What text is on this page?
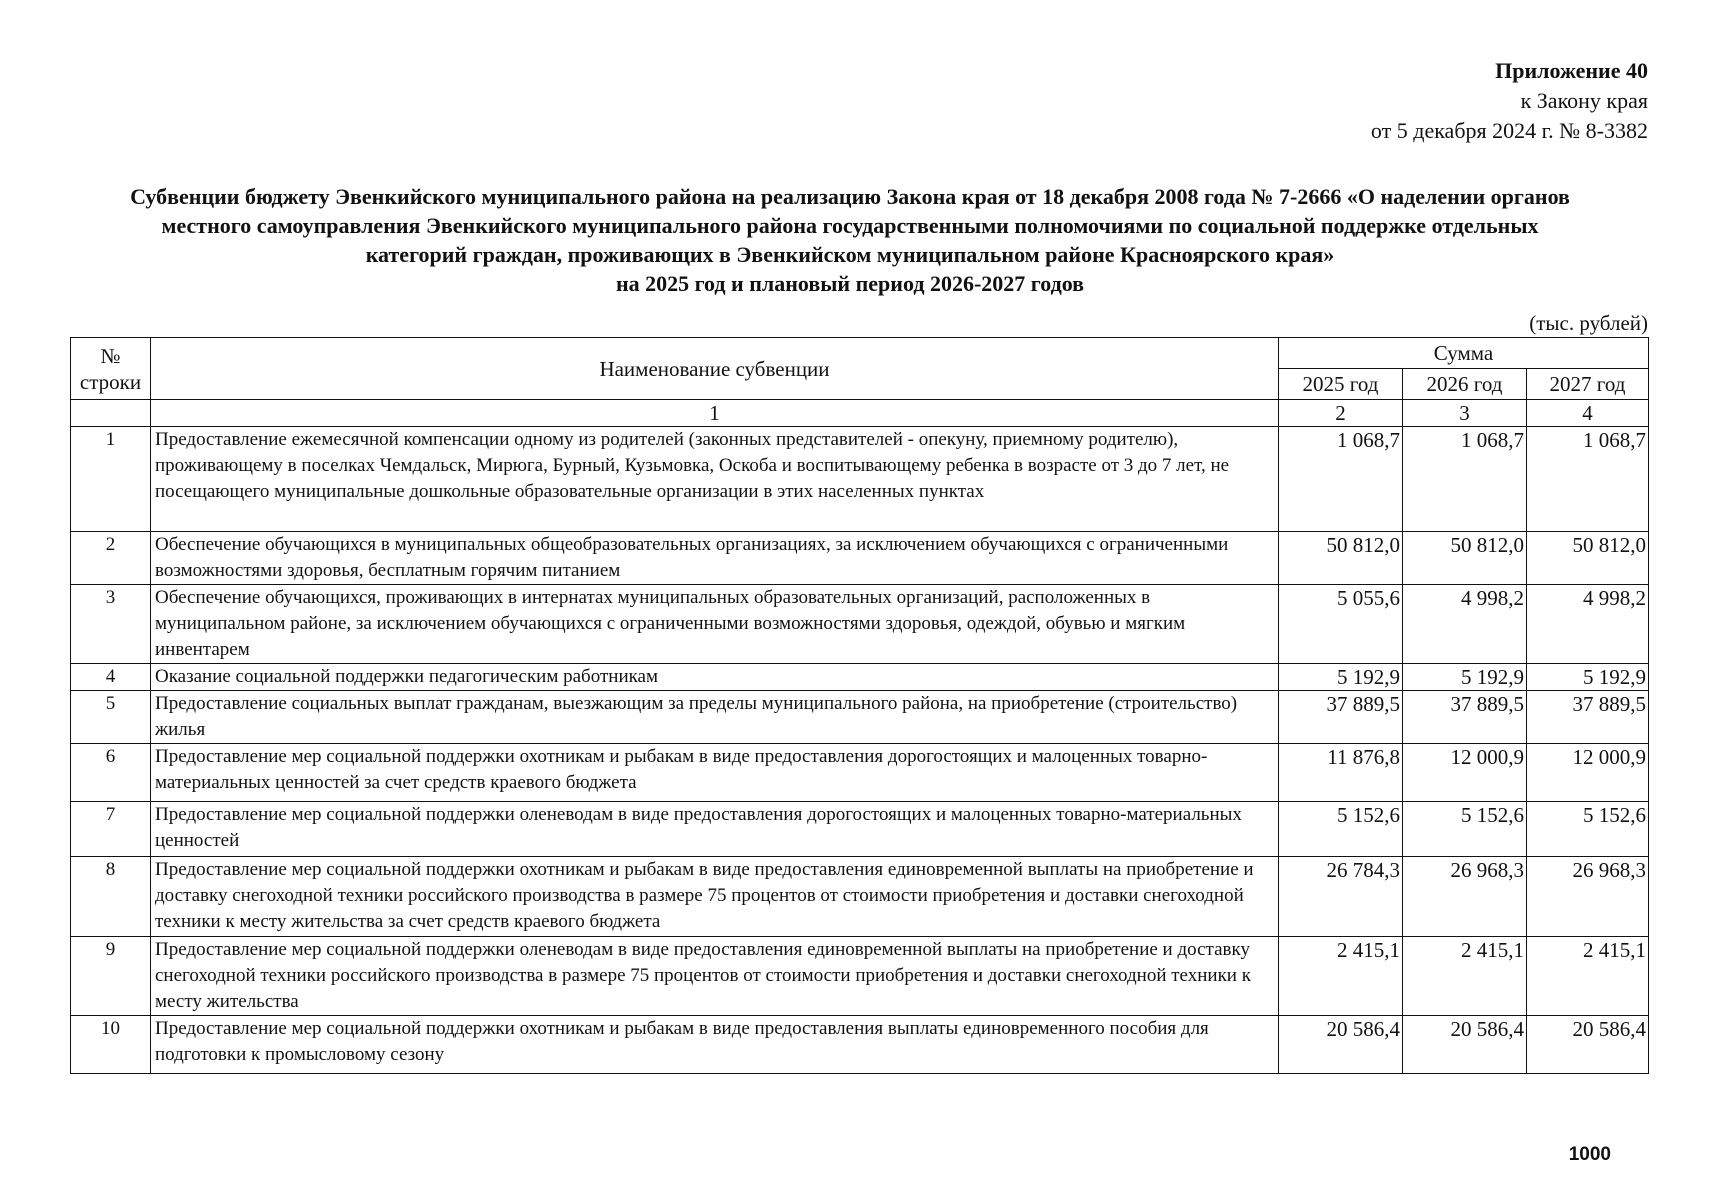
Приложение 40
к Закону края
от 5 декабря 2024 г. № 8-3382
Субвенции бюджету Эвенкийского муниципального района на реализацию Закона края от 18 декабря 2008 года № 7-2666 «О наделении органов
местного самоуправления Эвенкийского муниципального района государственными полномочиями по социальной поддержке отдельных
категорий граждан, проживающих в Эвенкийском муниципальном районе Красноярского края»
на 2025 год и плановый период 2026-2027 годов
(тыс. рублей)
№
строки	Наименование субвенции	Сумма		
		2025 год	2026 год	2027 год
	1	2	3	4
1	Предоставление ежемесячной компенсации одному из родителей (законных представителей - опекуну, приемному родителю), проживающему в поселках Чемдальск, Мирюга, Бурный, Кузьмовка, Оскоба и воспитывающему ребенка в возрасте от 3 до 7 лет, не посещающего муниципальные дошкольные образовательные организации в этих населенных пунктах	1 068,7	1 068,7	1 068,7
2	Обеспечение обучающихся в муниципальных общеобразовательных организациях, за исключением обучающихся с ограниченными возможностями здоровья, бесплатным горячим питанием	50 812,0	50 812,0	50 812,0
3	Обеспечение обучающихся, проживающих в интернатах муниципальных образовательных организаций, расположенных в муниципальном районе, за исключением обучающихся с ограниченными возможностями здоровья, одеждой, обувью и мягким инвентарем	5 055,6	4 998,2	4 998,2
4	Оказание социальной поддержки педагогическим работникам	5 192,9	5 192,9	5 192,9
5	Предоставление социальных выплат гражданам, выезжающим за пределы муниципального района, на приобретение (строительство) жилья	37 889,5	37 889,5	37 889,5
6	Предоставление мер социальной поддержки охотникам и рыбакам в виде предоставления дорогостоящих и малоценных товарно-материальных ценностей за счет средств краевого бюджета	11 876,8	12 000,9	12 000,9
7	Предоставление мер социальной поддержки оленеводам в виде предоставления дорогостоящих и малоценных товарно-материальных ценностей	5 152,6	5 152,6	5 152,6
8	Предоставление мер социальной поддержки охотникам и рыбакам в виде предоставления единовременной выплаты на приобретение и доставку снегоходной техники российского производства в размере 75 процентов от стоимости приобретения и доставки снегоходной техники к месту жительства за счет средств краевого бюджета	26 784,3	26 968,3	26 968,3
9	Предоставление мер социальной поддержки оленеводам в виде предоставления единовременной выплаты на приобретение и доставку снегоходной техники российского производства в размере 75 процентов от стоимости приобретения и доставки снегоходной техники к месту жительства	2 415,1	2 415,1	2 415,1
10	Предоставление мер социальной поддержки охотникам и рыбакам в виде предоставления выплаты единовременного пособия для подготовки к промысловому сезону	20 586,4	20 586,4	20 586,4
1000
